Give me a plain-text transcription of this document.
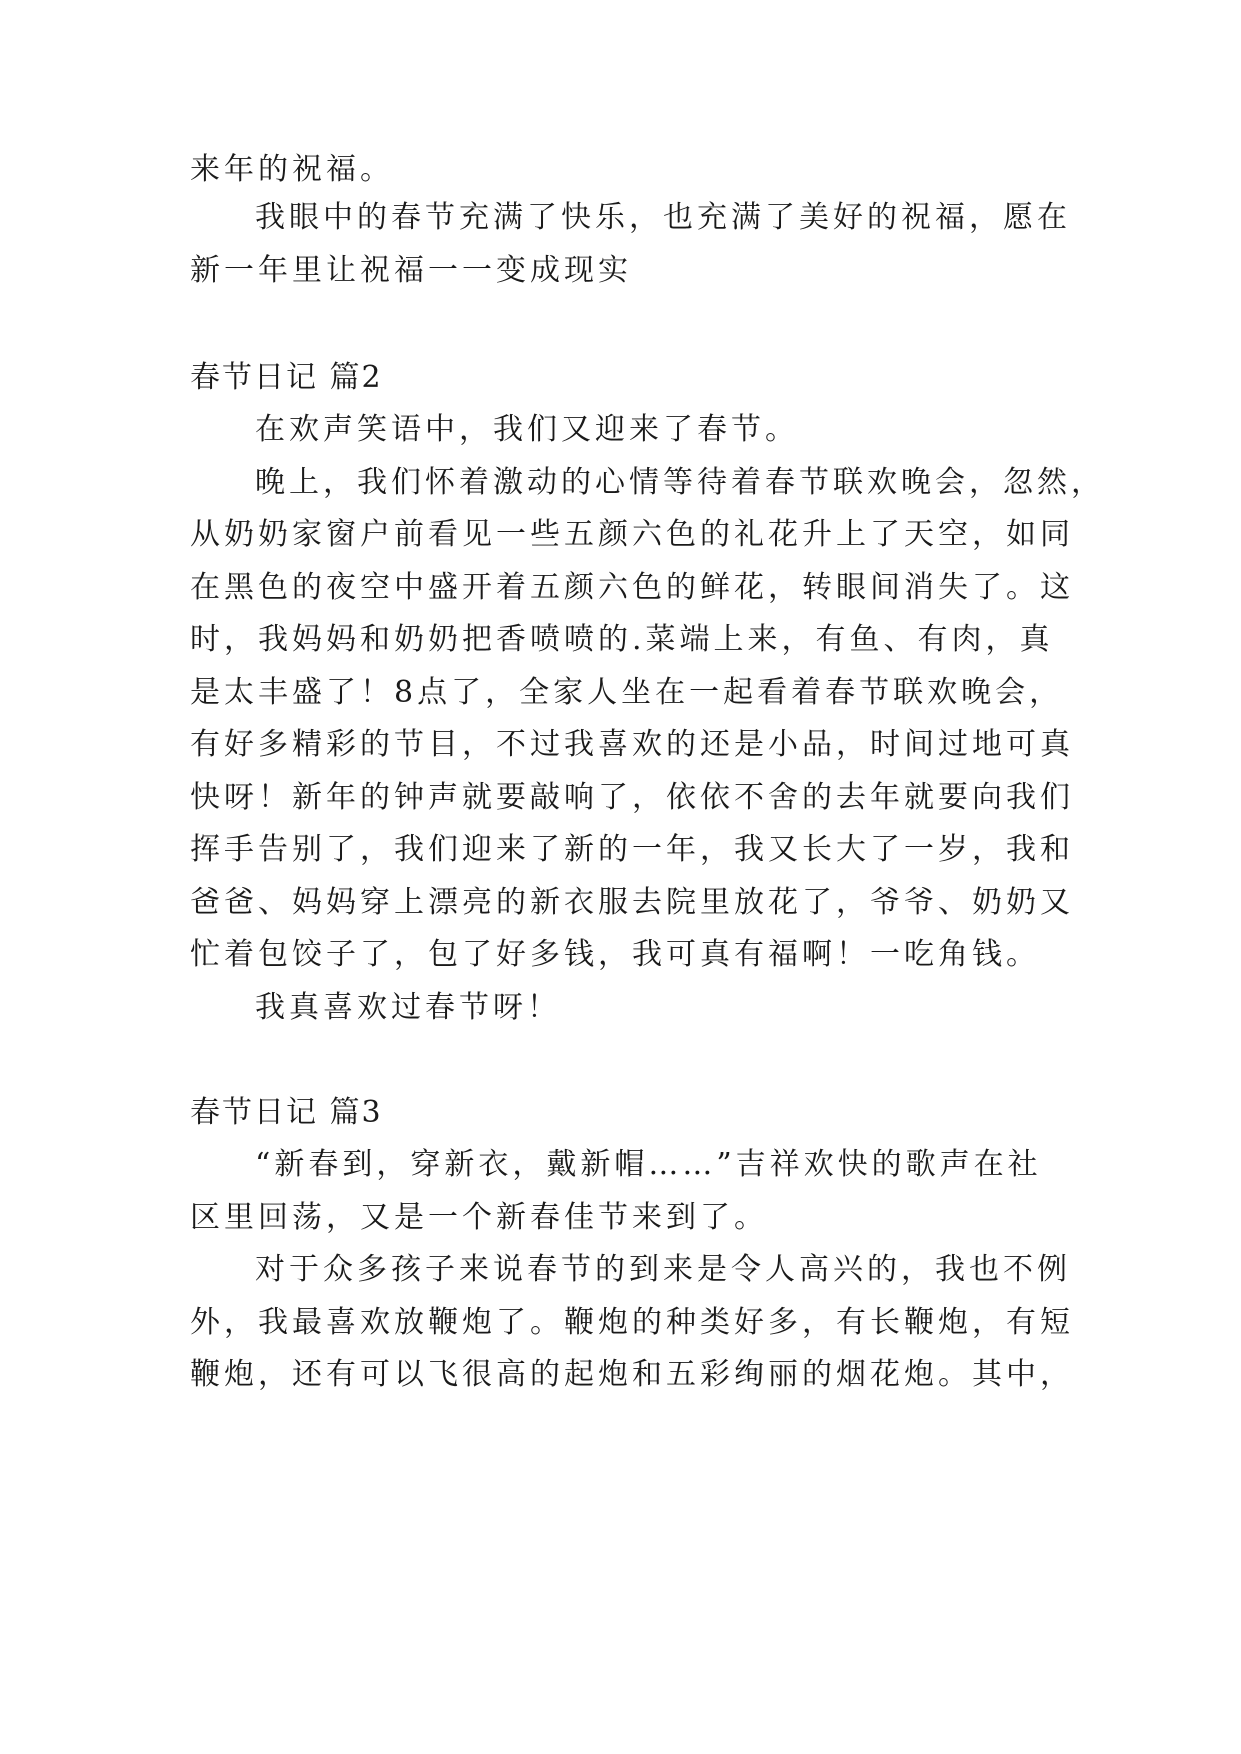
来年的祝福。
我眼中的春节充满了快乐，也充满了美好的祝福，愿在
新一年里让祝福一一变成现实
春节日记 篇2
在欢声笑语中，我们又迎来了春节。
晚上，我们怀着激动的心情等待着春节联欢晚会，忽然，
从奶奶家窗户前看见一些五颜六色的礼花升上了天空，如同
在黑色的夜空中盛开着五颜六色的鲜花，转眼间消失了。这
时，我妈妈和奶奶把香喷喷的.菜端上来，有鱼、有肉，真
是太丰盛了！8点了，全家人坐在一起看着春节联欢晚会，
有好多精彩的节目，不过我喜欢的还是小品，时间过地可真
快呀！新年的钟声就要敲响了，依依不舍的去年就要向我们
挥手告别了，我们迎来了新的一年，我又长大了一岁，我和
爸爸、妈妈穿上漂亮的新衣服去院里放花了，爷爷、奶奶又
忙着包饺子了，包了好多钱，我可真有福啊！一吃角钱。
我真喜欢过春节呀！
春节日记 篇3
“新春到，穿新衣，戴新帽……”吉祥欢快的歌声在社
区里回荡，又是一个新春佳节来到了。
对于众多孩子来说春节的到来是令人高兴的，我也不例
外，我最喜欢放鞭炮了。鞭炮的种类好多，有长鞭炮，有短
鞭炮，还有可以飞很高的起炮和五彩绚丽的烟花炮。其中，
